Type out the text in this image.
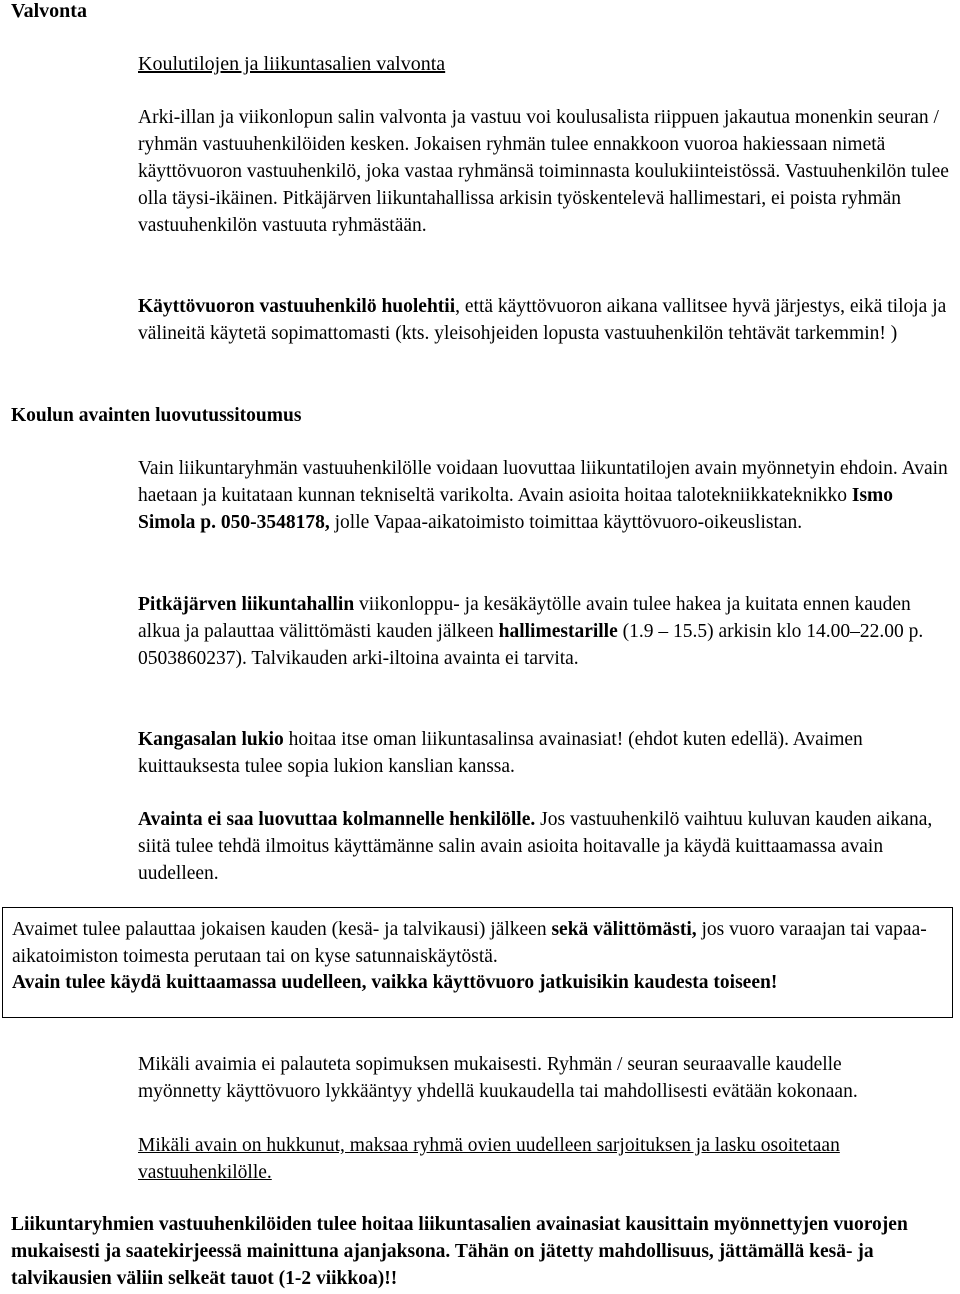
Valvonta
Koulutilojen ja liikuntasalien valvonta

Arki-illan ja viikonlopun salin valvonta ja vastuu voi koulusalista riippuen jakautua monenkin seuran / ryhmän vastuuhenkilöiden kesken. Jokaisen ryhmän tulee ennakkoon vuoroa hakiessaan nimetä käyttövuoron vastuuhenkilö, joka vastaa ryhmänsä toiminnasta koulukiinteistössä. Vastuuhenkilön tulee olla täysi-ikäinen. Pitkäjärven liikuntahallissa arkisin työskentelevä hallimestari, ei poista ryhmän vastuuhenkilön vastuuta ryhmästään.

Käyttövuoron vastuuhenkilö huolehtii, että käyttövuoron aikana vallitsee hyvä järjestys, eikä tiloja ja välineitä käytetä sopimattomasti (kts. yleisohjeiden lopusta vastuuhenkilön tehtävät tarkemmin! )

Koulun avainten luovutussitoumus

Vain liikuntaryhmän vastuuhenkilölle voidaan luovuttaa liikuntatilojen avain myönnetyin ehdoin. Avain haetaan ja kuitataan kunnan tekniseltä varikolta. Avain asioita hoitaa talotekniikkateknikko Ismo Simola p. 050-3548178, jolle Vapaa-aikatoimisto toimittaa käyttövuoro-oikeuslistan.

Pitkäjärven liikuntahallin viikonloppu- ja kesäkäytölle avain tulee hakea ja kuitata ennen kauden alkua ja palauttaa välittömästi kauden jälkeen hallimestarille (1.9 – 15.5) arkisin klo 14.00–22.00 p. 0503860237). Talvikauden arki-iltoina avainta ei tarvita.

Kangasalan lukio hoitaa itse oman liikuntasalinsa avainasiat! (ehdot kuten edellä). Avaimen kuittauksesta tulee sopia lukion kanslian kanssa.

Avainta ei saa luovuttaa kolmannelle henkilölle. Jos vastuuhenkilö vaihtuu kuluvan kauden aikana, siitä tulee tehdä ilmoitus käyttämänne salin avain asioita hoitavalle ja käydä kuittaamassa avain uudelleen.

Avaimet tulee palauttaa jokaisen kauden (kesä- ja talvikausi) jälkeen sekä välittömästi, jos vuoro varaajan tai vapaa-aikatoimiston toimesta perutaan tai on kyse satunnaiskäytöstä.

Avain tulee käydä kuittaamassa uudelleen, vaikka käyttövuoro jatkuisikin kaudesta toiseen!

Mikäli avaimia ei palauteta sopimuksen mukaisesti. Ryhmän / seuran seuraavalle kaudelle myönnetty käyttövuoro lykkääntyy yhdellä kuukaudella tai mahdollisesti evätään kokonaan.

Mikäli avain on hukkunut, maksaa ryhmä ovien uudelleen sarjoituksen ja lasku osoitetaan vastuuhenkilölle.

Liikuntaryhmien vastuuhenkilöiden tulee hoitaa liikuntasalien avainasiat kausittain myönnettyjen vuorojen mukaisesti ja saatekirjeessä mainittuna ajanjaksona. Tähän on jätetty mahdollisuus, jättämällä kesä- ja talvikausien väliin selkeät tauot (1-2 viikkoa)!!
